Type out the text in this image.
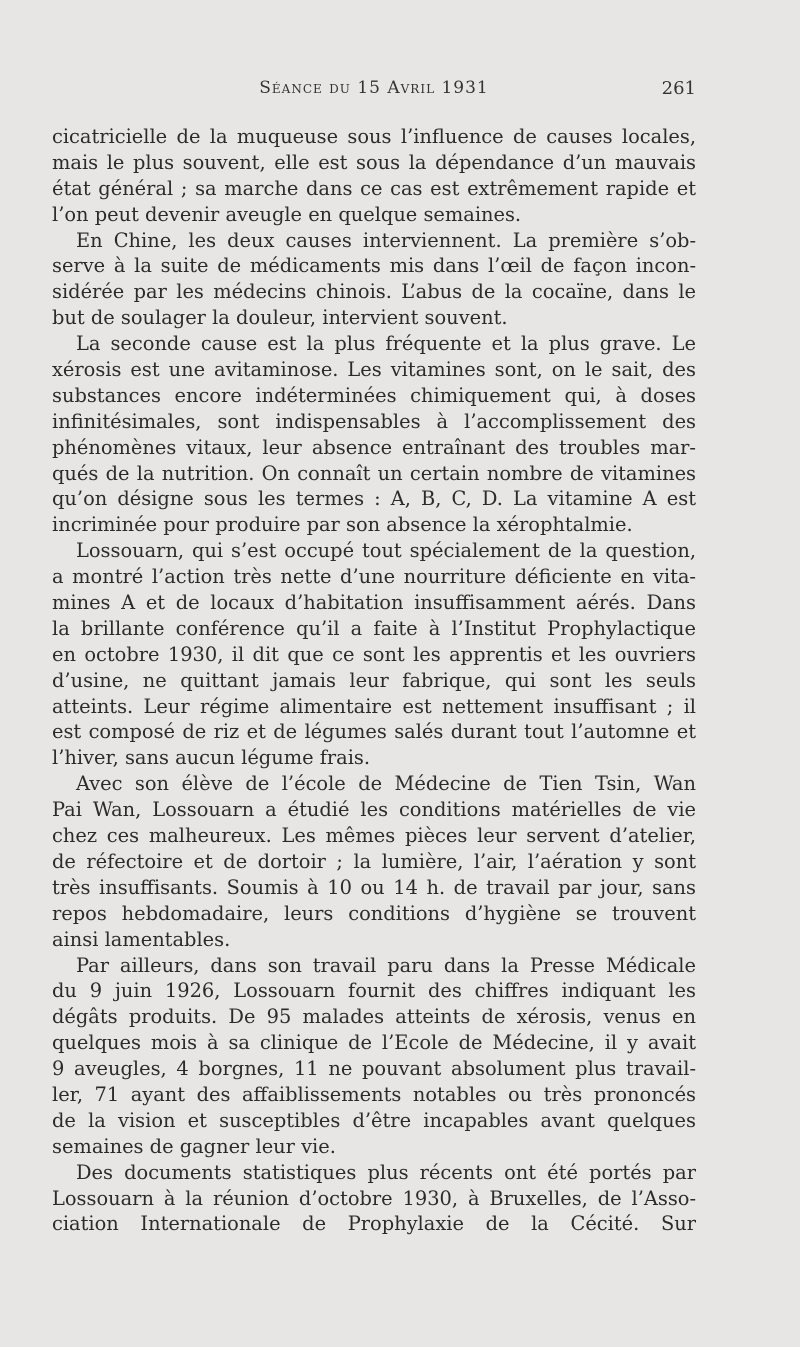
Séance du 15 Avril 1931	261
cicatricielle de la muqueuse sous l’influence de causes locales,
mais le plus souvent, elle est sous la dépendance d’un mauvais
état général ; sa marche dans ce cas est extrêmement rapide et
l’on peut devenir aveugle en quelque semaines.
En Chine, les deux causes interviennent. La première s’ob-
serve à la suite de médicaments mis dans l’œil de façon incon-
sidérée par les médecins chinois. L’abus de la cocaïne, dans le
but de soulager la douleur, intervient souvent.
La seconde cause est la plus fréquente et la plus grave. Le
xérosis est une avitaminose. Les vitamines sont, on le sait, des
substances encore indéterminées chimiquement qui, à doses
infinitésimales, sont indispensables à l’accomplissement des
phénomènes vitaux, leur absence entraînant des troubles mar-
qués de la nutrition. On connaît un certain nombre de vitamines
qu’on désigne sous les termes : A, B, C, D. La vitamine A est
incriminée pour produire par son absence la xérophtalmie.
Lossouarn, qui s’est occupé tout spécialement de la question,
a montré l’action très nette d’une nourriture déficiente en vita-
mines A et de locaux d’habitation insuffisamment aérés. Dans
la brillante conférence qu’il a faite à l’Institut Prophylactique
en octobre 1930, il dit que ce sont les apprentis et les ouvriers
d’usine, ne quittant jamais leur fabrique, qui sont les seuls
atteints. Leur régime alimentaire est nettement insuffisant ; il
est composé de riz et de légumes salés durant tout l’automne et
l’hiver, sans aucun légume frais.
Avec son élève de l’école de Médecine de Tien Tsin, Wan
Pai Wan, Lossouarn a étudié les conditions matérielles de vie
chez ces malheureux. Les mêmes pièces leur servent d’atelier,
de réfectoire et de dortoir ; la lumière, l’air, l’aération y sont
très insuffisants. Soumis à 10 ou 14 h. de travail par jour, sans
repos hebdomadaire, leurs conditions d’hygiène se trouvent
ainsi lamentables.
Par ailleurs, dans son travail paru dans la Presse Médicale
du 9 juin 1926, Lossouarn fournit des chiffres indiquant les
dégâts produits. De 95 malades atteints de xérosis, venus en
quelques mois à sa clinique de l’Ecole de Médecine, il y avait
9 aveugles, 4 borgnes, 11 ne pouvant absolument plus travail-
ler, 71 ayant des affaiblissements notables ou très prononcés
de la vision et susceptibles d’être incapables avant quelques
semaines de gagner leur vie.
Des documents statistiques plus récents ont été portés par
Lossouarn à la réunion d’octobre 1930, à Bruxelles, de l’Asso-
ciation Internationale de Prophylaxie de la Cécité. Sur
